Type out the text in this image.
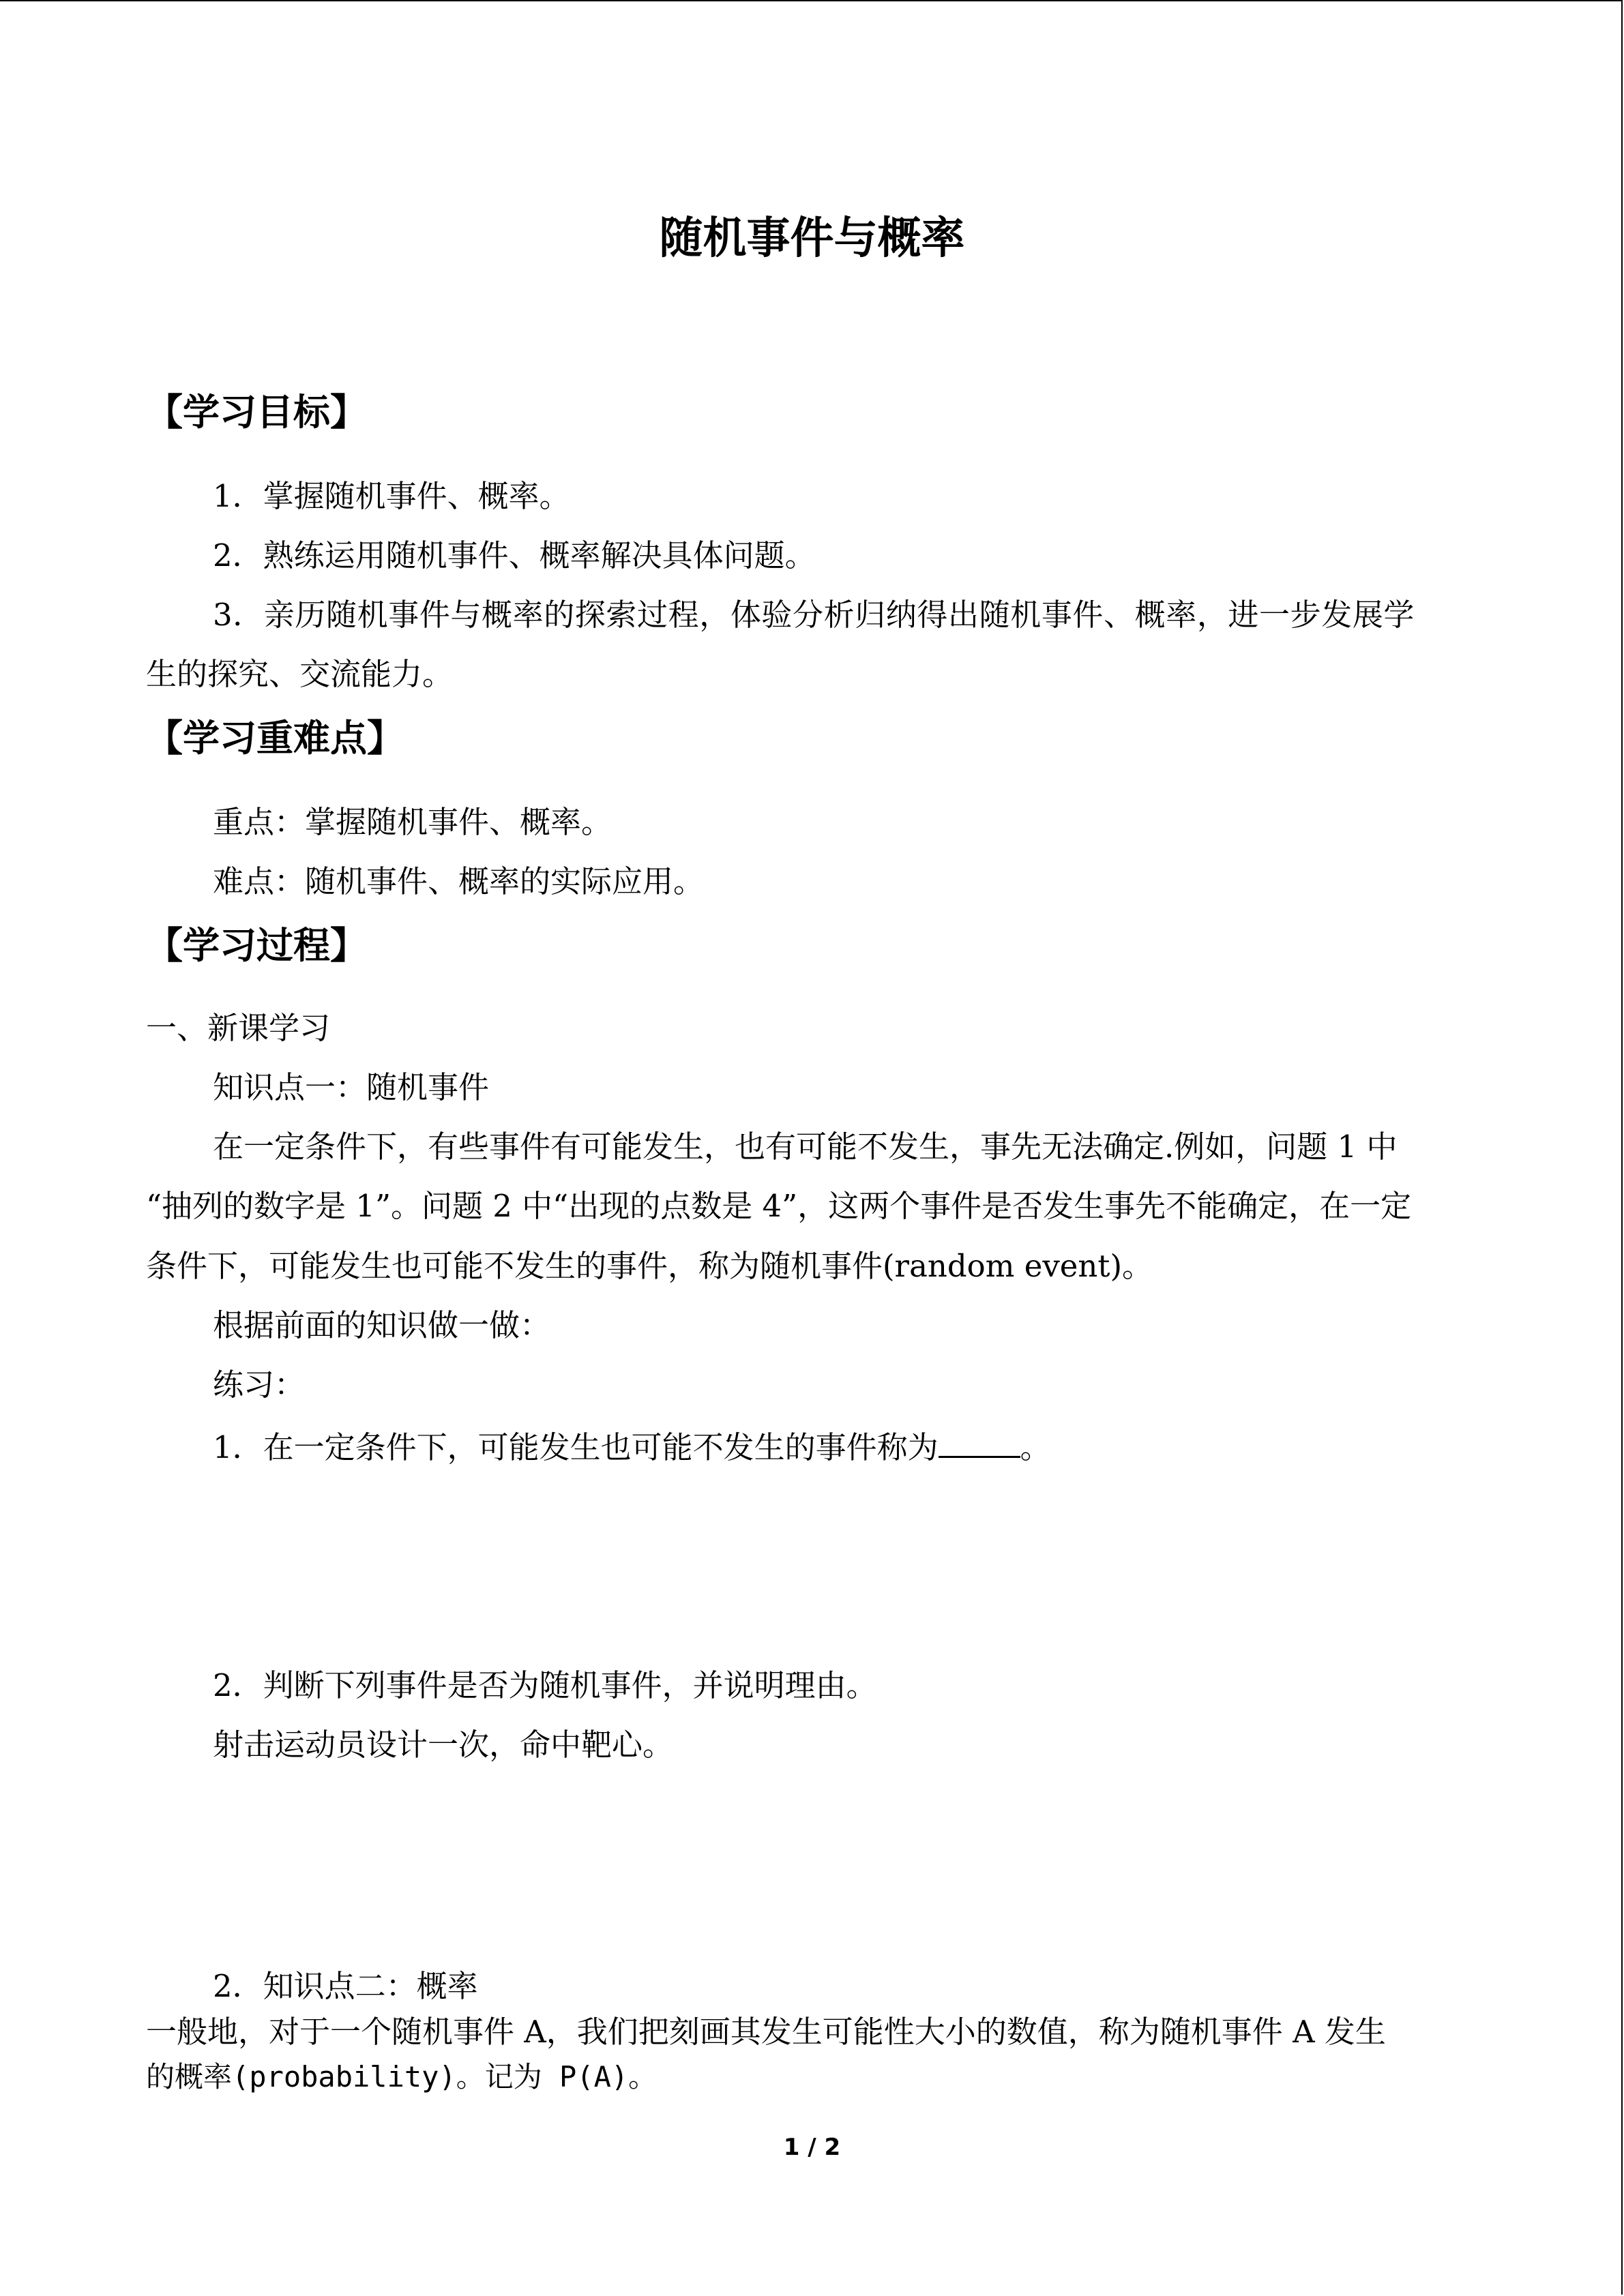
随机事件与概率
【学习目标】
1．掌握随机事件、概率。
2．熟练运用随机事件、概率解决具体问题。
3．亲历随机事件与概率的探索过程，体验分析归纳得出随机事件、概率，进一步发展学
生的探究、交流能力。
【学习重难点】
重点：掌握随机事件、概率。
难点：随机事件、概率的实际应用。
【学习过程】
一、新课学习
知识点一：随机事件
在一定条件下，有些事件有可能发生，也有可能不发生，事先无法确定.例如，问题 1 中
“抽列的数字是 1”。问题 2 中“出现的点数是 4”，这两个事件是否发生事先不能确定，在一定
条件下，可能发生也可能不发生的事件，称为随机事件(random event)。
根据前面的知识做一做：
练习：
1．在一定条件下，可能发生也可能不发生的事件称为	。
2．判断下列事件是否为随机事件，并说明理由。
射击运动员设计一次，命中靶心。
2．知识点二：概率
一般地，对于一个随机事件 A，我们把刻画其发生可能性大小的数值，称为随机事件 A 发生
的概率(probability)。记为 P(A)。
1 / 2
